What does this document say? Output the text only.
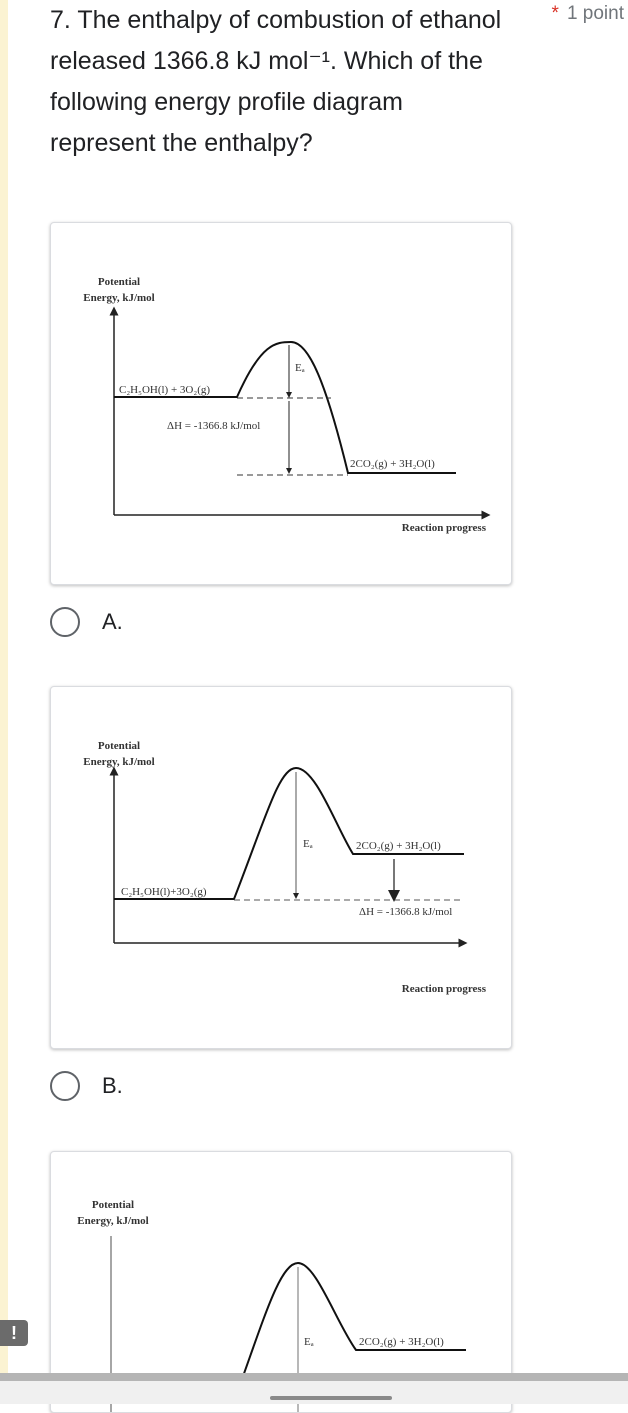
7. The enthalpy of combustion of ethanol released 1366.8 kJ mol⁻¹. Which of the following energy profile diagram represent the enthalpy?
* 1 point
Potential
Energy, kJ/mol
Reaction progress
Eₐ
C₂H₅OH(l) + 3O₂(g)
ΔH = -1366.8 kJ/mol
2CO₂(g) + 3H₂O(l)
A.
Potential
Energy, kJ/mol
Reaction progress
Eₐ
C₂H₅OH(l)+3O₂(g)
ΔH = -1366.8 kJ/mol
2CO₂(g) + 3H₂O(l)
B.
Potential
Energy, kJ/mol
Eₐ	2CO₂(g) + 3H₂O(l)
!
